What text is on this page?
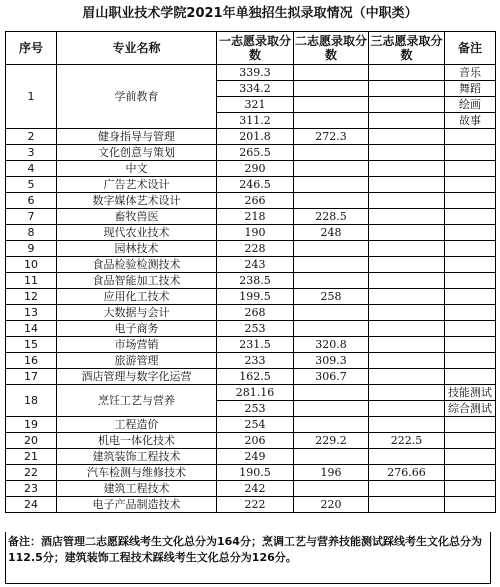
眉山职业技术学院2021年单独招生拟录取情况（中职类）
序号	专业名称	一志愿录取分数	二志愿录取分数	三志愿录取分数	备注
1	学前教育	339.3			音乐
		334.2			舞蹈
		321			绘画
		311.2			故事
2	健身指导与管理	201.8	272.3		
3	文化创意与策划	265.5			
4	中文	290			
5	广告艺术设计	246.5			
6	数字媒体艺术设计	266			
7	畜牧兽医	218	228.5		
8	现代农业技术	190	248		
9	园林技术	228			
10	食品检验检测技术	243			
11	食品智能加工技术	238.5			
12	应用化工技术	199.5	258		
13	大数据与会计	268			
14	电子商务	253			
15	市场营销	231.5	320.8		
16	旅游管理	233	309.3		
17	酒店管理与数字化运营	162.5	306.7		
18	烹饪工艺与营养	281.16			技能测试
		253			综合测试
19	工程造价	254			
20	机电一体化技术	206	229.2	222.5	
21	建筑装饰工程技术	249			
22	汽车检测与维修技术	190.5	196	276.66	
23	建筑工程技术	242			
24	电子产品制造技术	222	220		
备注：酒店管理二志愿踩线考生文化总分为164分；烹调工艺与营养技能测试踩线考生文化总分为112.5分；建筑装饰工程技术踩线考生文化总分为126分。
